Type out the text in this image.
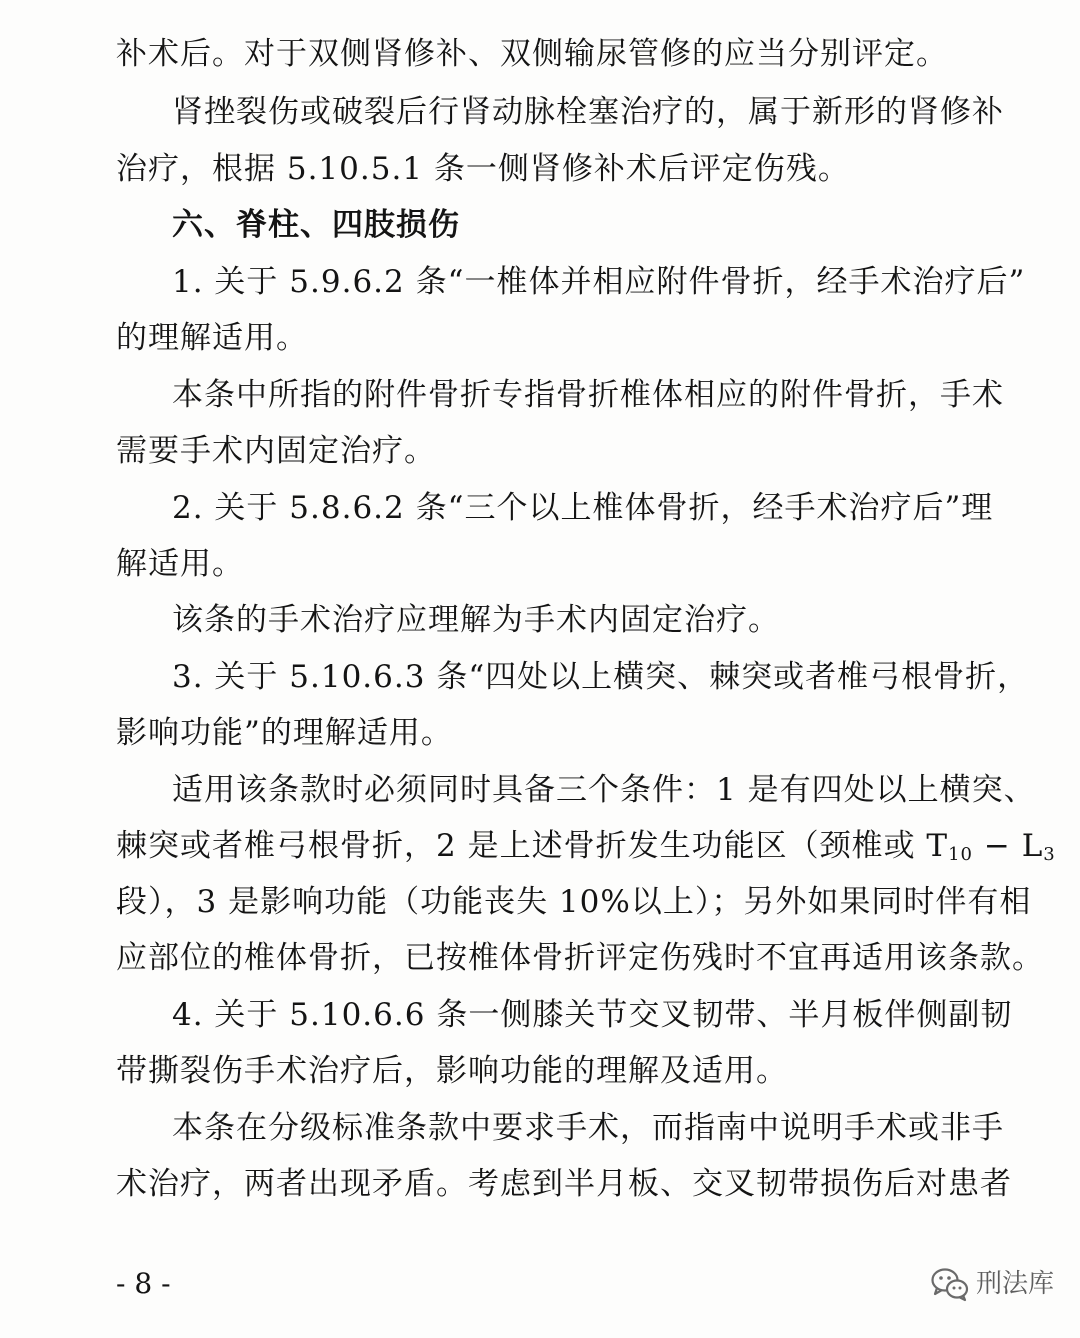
补术后。对于双侧肾修补、双侧输尿管修的应当分别评定。
肾挫裂伤或破裂后行肾动脉栓塞治疗的，属于新形的肾修补
治疗，根据 5.10.5.1 条一侧肾修补术后评定伤残。
六、脊柱、四肢损伤
1. 关于 5.9.6.2 条“一椎体并相应附件骨折，经手术治疗后”
的理解适用。
本条中所指的附件骨折专指骨折椎体相应的附件骨折，手术
需要手术内固定治疗。
2. 关于 5.8.6.2 条“三个以上椎体骨折，经手术治疗后”理
解适用。
该条的手术治疗应理解为手术内固定治疗。
3. 关于 5.10.6.3 条“四处以上横突、棘突或者椎弓根骨折，
影响功能”的理解适用。
适用该条款时必须同时具备三个条件：1 是有四处以上横突、
棘突或者椎弓根骨折，2 是上述骨折发生功能区（颈椎或 $T_{10} - L_3$
段），3 是影响功能（功能丧失 10%以上）；另外如果同时伴有相
应部位的椎体骨折，已按椎体骨折评定伤残时不宜再适用该条款。
4. 关于 5.10.6.6 条一侧膝关节交叉韧带、半月板伴侧副韧
带撕裂伤手术治疗后，影响功能的理解及适用。
本条在分级标准条款中要求手术，而指南中说明手术或非手
术治疗，两者出现矛盾。考虑到半月板、交叉韧带损伤后对患者
- 8 -	刑法库
